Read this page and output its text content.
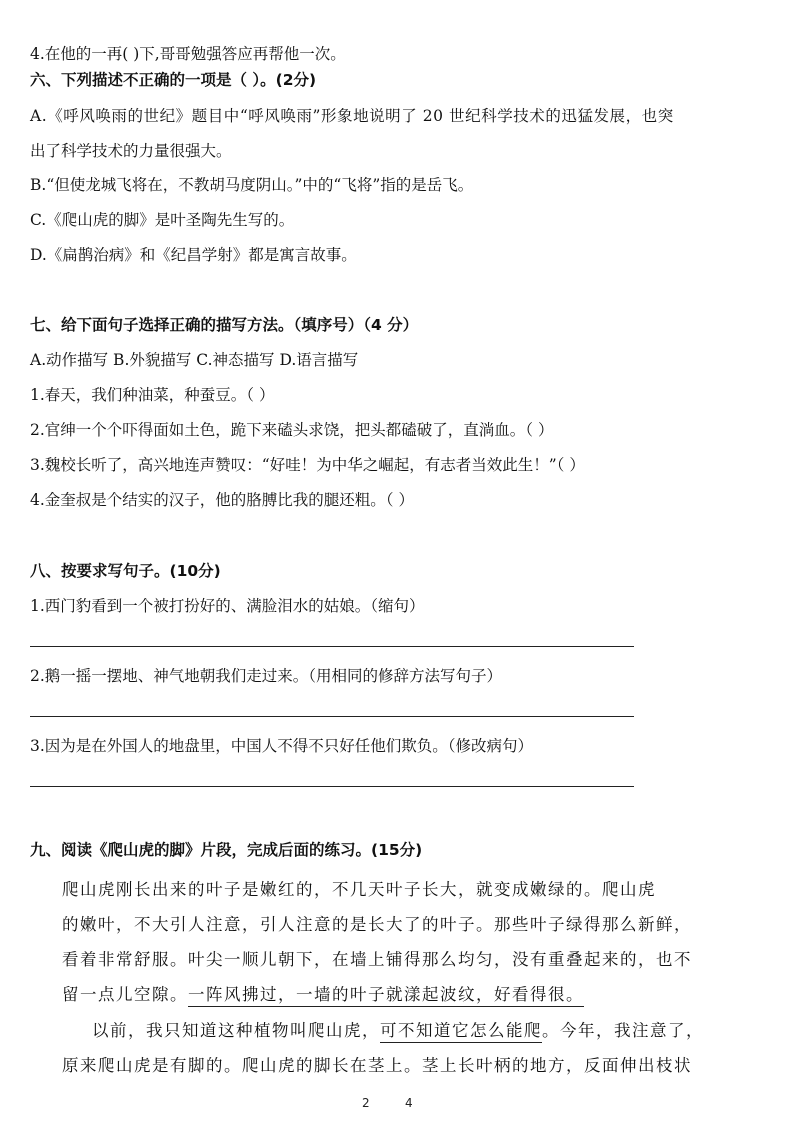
4.在他的一再( )下,哥哥勉强答应再帮他一次。
六、下列描述不正确的一项是（ ）。(2分)
A.《呼风唤雨的世纪》题目中“呼风唤雨”形象地说明了 20 世纪科学技术的迅猛发展，也突
出了科学技术的力量很强大。
B.“但使龙城飞将在，不教胡马度阴山。”中的“飞将”指的是岳飞。
C.《爬山虎的脚》是叶圣陶先生写的。
D.《扁鹊治病》和《纪昌学射》都是寓言故事。
七、给下面句子选择正确的描写方法。（填序号）（4 分）
A.动作描写 B.外貌描写 C.神态描写 D.语言描写
1.春天，我们种油菜，种蚕豆。（ ）
2.官绅一个个吓得面如土色，跪下来磕头求饶，把头都磕破了，直淌血。（ ）
3.魏校长听了，高兴地连声赞叹：“好哇！为中华之崛起，有志者当效此生！”（ ）
4.金奎叔是个结实的汉子，他的胳膊比我的腿还粗。（ ）
八、按要求写句子。(10分)
1.西门豹看到一个被打扮好的、满脸泪水的姑娘。（缩句）
2.鹅一摇一摆地、神气地朝我们走过来。（用相同的修辞方法写句子）
3.因为是在外国人的地盘里，中国人不得不只好任他们欺负。（修改病句）
九、阅读《爬山虎的脚》片段，完成后面的练习。(15分)
爬山虎刚长出来的叶子是嫩红的，不几天叶子长大，就变成嫩绿的。爬山虎
的嫩叶，不大引人注意，引人注意的是长大了的叶子。那些叶子绿得那么新鲜，
看着非常舒服。叶尖一顺儿朝下，在墙上铺得那么均匀，没有重叠起来的，也不
留一点儿空隙。一阵风拂过，一墙的叶子就漾起波纹，好看得很。
以前，我只知道这种植物叫爬山虎，可不知道它怎么能爬。今年，我注意了，
原来爬山虎是有脚的。爬山虎的脚长在茎上。茎上长叶柄的地方，反面伸出枝状
2	4
